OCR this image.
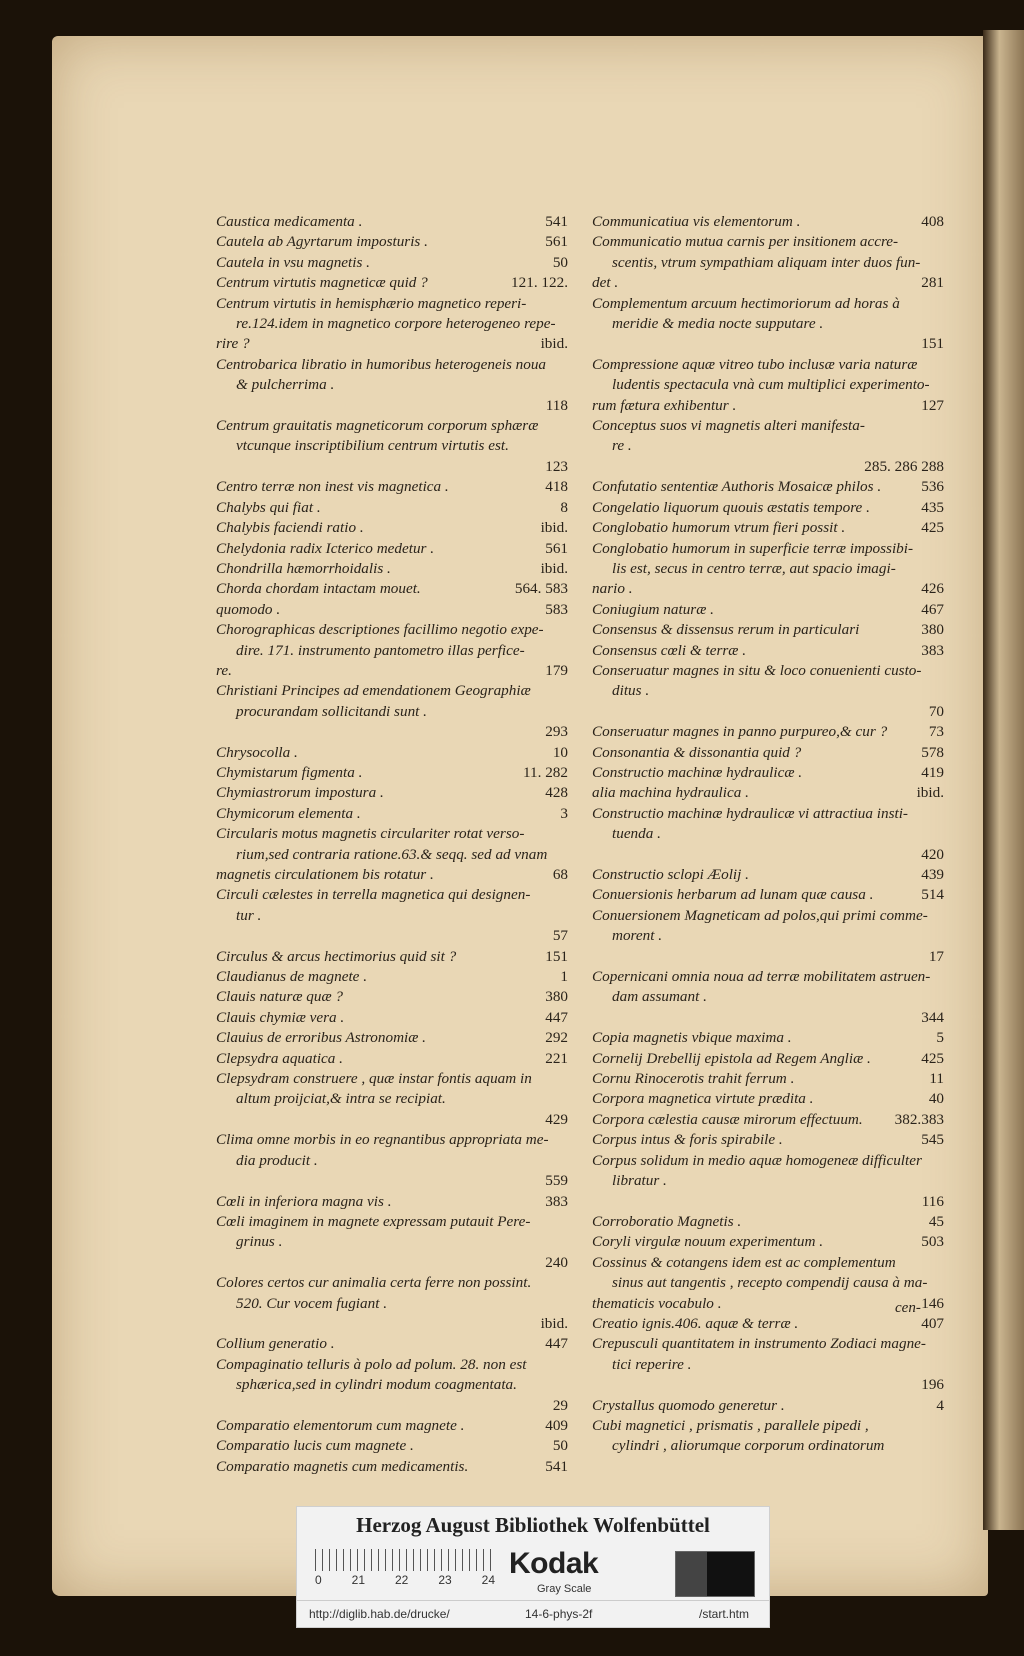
541
Caustica medicamenta .
561
Cautela ab Agyrtarum imposturis .
50
Cautela in vsu magnetis .
121. 122.
Centrum virtutis magneticæ quid ?
Centrum virtutis in hemisphærio magnetico reperi-
re.124.idem in magnetico corpore heterogeneo repe-
ibid.
rire ?
Centrobarica libratio in humoribus heterogeneis noua
& pulcherrima .
118
Centrum grauitatis magneticorum corporum sphæræ
vtcunque inscriptibilium centrum virtutis est.
123
418
Centro terræ non inest vis magnetica .
8
Chalybs qui fiat .
ibid.
Chalybis faciendi ratio .
561
Chelydonia radix Icterico medetur .
ibid.
Chondrilla hæmorrhoidalis .
564. 583
Chorda chordam intactam mouet.
583
quomodo .
Chorographicas descriptiones facillimo negotio expe-
dire. 171. instrumento pantometro illas perfice-
179
re.
Christiani Principes ad emendationem Geographiæ
procurandam sollicitandi sunt .
293
10
Chrysocolla .
11. 282
Chymistarum figmenta .
428
Chymiastrorum impostura .
3
Chymicorum elementa .
Circularis motus magnetis circulariter rotat verso-
rium,sed contraria ratione.63.& seqq. sed ad vnam
68
magnetis circulationem bis rotatur .
Circuli cælestes in terrella magnetica qui designen-
tur .
57
151
Circulus & arcus hectimorius quid sit ?
1
Claudianus de magnete .
380
Clauis naturæ quæ ?
447
Clauis chymiæ vera .
292
Clauius de erroribus Astronomiæ .
221
Clepsydra aquatica .
Clepsydram construere , quæ instar fontis aquam in
altum proijciat,& intra se recipiat.
429
Clima omne morbis in eo regnantibus appropriata me-
dia producit .
559
383
Cœli in inferiora magna vis .
Cœli imaginem in magnete expressam putauit Pere-
grinus .
240
Colores certos cur animalia certa ferre non possint.
520. Cur vocem fugiant .
ibid.
447
Collium generatio .
Compaginatio telluris à polo ad polum. 28. non est
sphærica,sed in cylindri modum coagmentata.
29
409
Comparatio elementorum cum magnete .
50
Comparatio lucis cum magnete .
541
Comparatio magnetis cum medicamentis.
408
Communicatiua vis elementorum .
Communicatio mutua carnis per insitionem accre-
scentis, vtrum sympathiam aliquam inter duos fun-
281
det .
Complementum arcuum hectimoriorum ad horas à
meridie & media nocte supputare .
151
Compressione aquæ vitreo tubo inclusæ varia naturæ
ludentis spectacula vnà cum multiplici experimento-
127
rum fætura exhibentur .
Conceptus suos vi magnetis alteri manifesta-
re .
285. 286 288
536
Confutatio sententiæ Authoris Mosaicæ philos .
435
Congelatio liquorum quouis æstatis tempore .
425
Conglobatio humorum vtrum fieri possit .
Conglobatio humorum in superficie terræ impossibi-
lis est, secus in centro terræ, aut spacio imagi-
426
nario .
467
Coniugium naturæ .
380
Consensus & dissensus rerum in particulari
383
Consensus cœli & terræ .
Conseruatur magnes in situ & loco conuenienti custo-
ditus .
70
73
Conseruatur magnes in panno purpureo,& cur ?
578
Consonantia & dissonantia quid ?
419
Constructio machinæ hydraulicæ .
ibid.
alia machina hydraulica .
Constructio machinæ hydraulicæ vi attractiua insti-
tuenda .
420
439
Constructio sclopi Æolij .
514
Conuersionis herbarum ad lunam quæ causa .
Conuersionem Magneticam ad polos,qui primi comme-
morent .
17
Copernicani omnia noua ad terræ mobilitatem astruen-
dam assumant .
344
5
Copia magnetis vbique maxima .
425
Cornelij Drebellij epistola ad Regem Angliæ .
11
Cornu Rinocerotis trahit ferrum .
40
Corpora magnetica virtute prædita .
382.383
Corpora cælestia causæ mirorum effectuum.
545
Corpus intus & foris spirabile .
Corpus solidum in medio aquæ homogeneæ difficulter
libratur .
116
45
Corroboratio Magnetis .
503
Coryli virgulæ nouum experimentum .
Cossinus & cotangens idem est ac complementum
sinus aut tangentis , recepto compendij causa à ma-
146
thematicis vocabulo .
407
Creatio ignis.406. aquæ & terræ .
Crepusculi quantitatem in instrumento Zodiaci magne-
tici reperire .
196
4
Crystallus quomodo generetur .
Cubi magnetici , prismatis , parallele pipedi ,
cylindri , aliorumque corporum ordinatorum
cen-
Herzog August Bibliothek Wolfenbüttel
0 21 22 23 24 Kodak
Gray Scale
http://diglib.hab.de/drucke/	14-6-phys-2f	/start.htm
